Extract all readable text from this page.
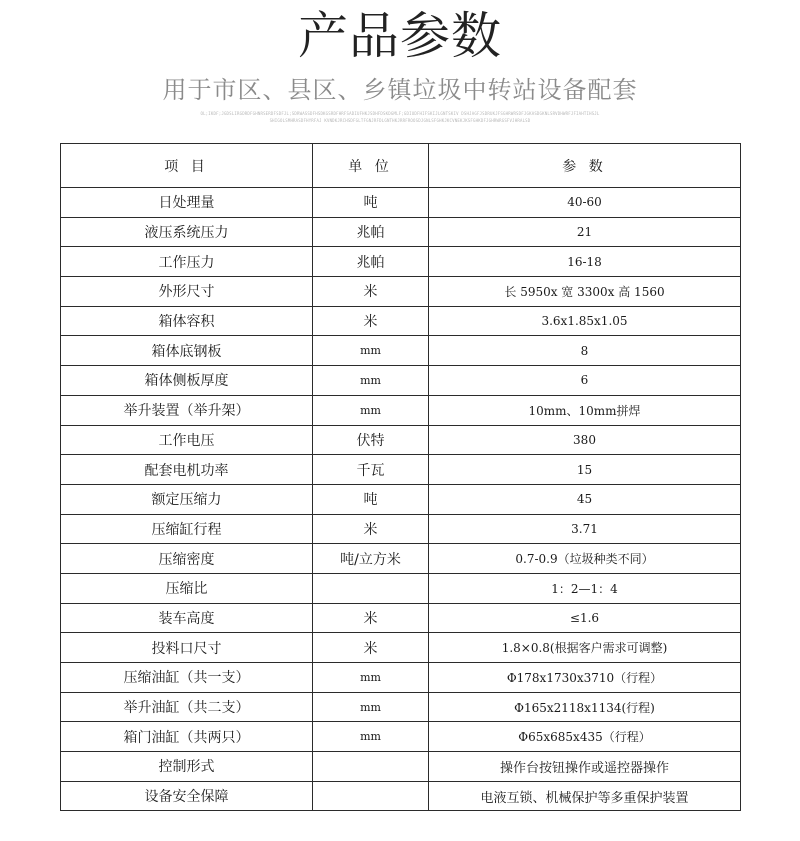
产品参数
用于市区、县区、乡镇垃圾中转站设备配套
OL;IKDF;JGDSLIRGDRDFGHNRSERDFSDFJL;SDRWASSDFHSDKGSRDFHRFSADIUFHKJSDHFDSKDGMLF;GDIUDFHIFSKIJLGNTSKIV DSHJAGFJSDRUKJFSGHRWRSDFJGKASDGKNLSRVDHWRFJFIAHTIHSJLSHIGOLSMHRASDFHYRFAJ KVNDKJRCHSDFGLTFGNJRFDLGNTHKJRRFROOSDJGNLSFGHKJKCVNEKJKSFGHKDFJGHRWRGSFVJHRALSD
项 目	单 位	参 数
日处理量	吨	40-60
液压系统压力	兆帕	21
工作压力	兆帕	16-18
外形尺寸	米	长 5950x 宽 3300x 高 1560
箱体容积	米	3.6x1.85x1.05
箱体底钢板	mm	8
箱体侧板厚度	mm	6
举升装置（举升架）	mm	10mm、10mm拼焊
工作电压	伏特	380
配套电机功率	千瓦	15
额定压缩力	吨	45
压缩缸行程	米	3.71
压缩密度	吨/立方米	0.7-0.9（垃圾种类不同）
压缩比		1：2—1：4
装车高度	米	≤1.6
投料口尺寸	米	1.8×0.8(根据客户需求可调整)
压缩油缸（共一支）	mm	Φ178x1730x3710（行程）
举升油缸（共二支）	mm	Φ165x2118x1134(行程)
箱门油缸（共两只）	mm	Φ65x685x435（行程）
控制形式		操作台按钮操作或遥控器操作
设备安全保障		电液互锁、机械保护等多重保护装置
